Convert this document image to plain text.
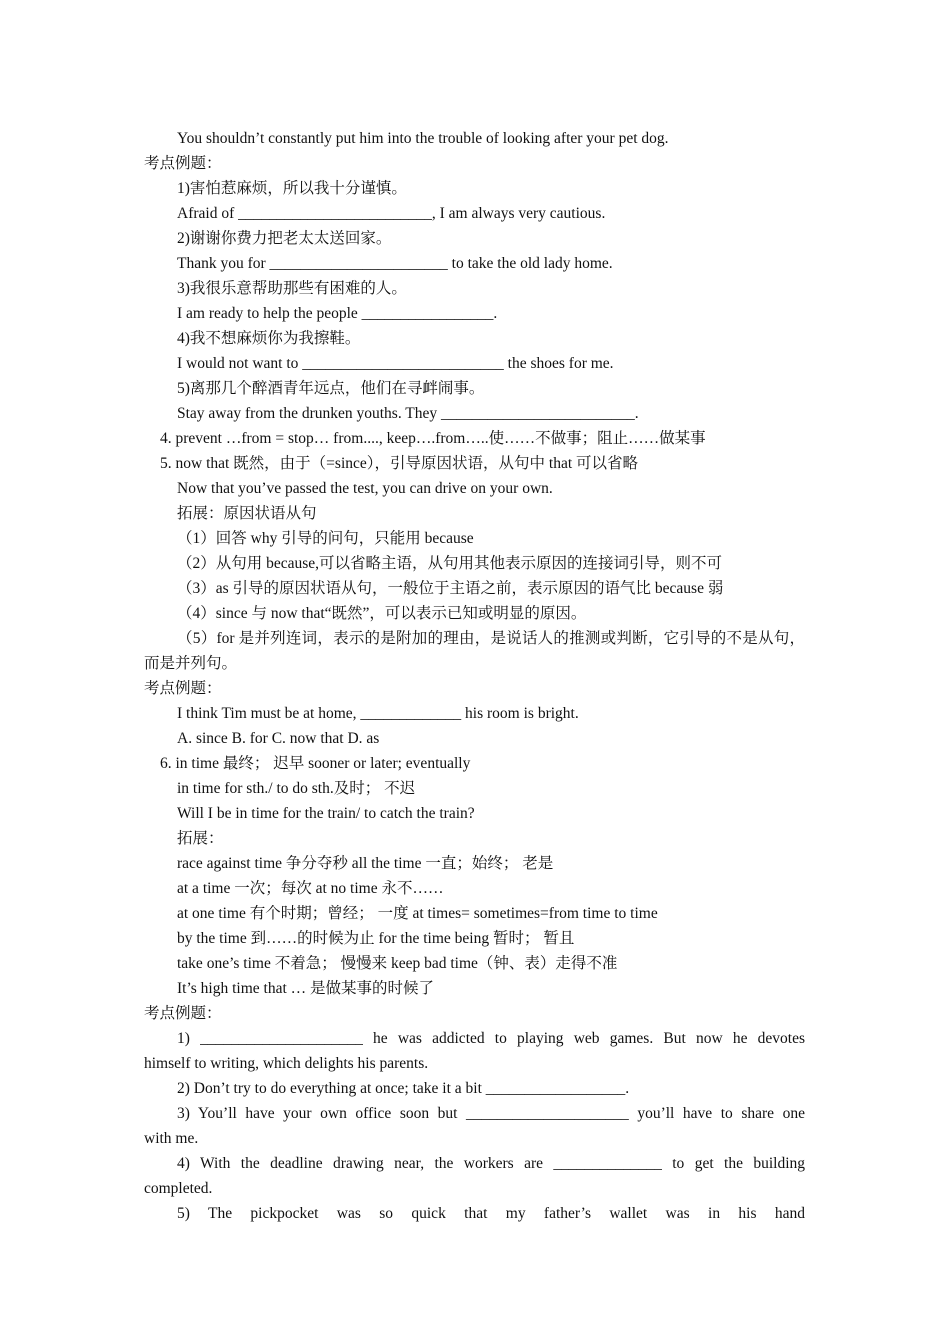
You shouldn’t constantly put him into the trouble of looking after your pet dog.
考点例题：
1)害怕惹麻烦，所以我十分谨慎。
Afraid of _________________________, I am always very cautious.
2)谢谢你费力把老太太送回家。
Thank you for _______________________ to take the old lady home.
3)我很乐意帮助那些有困难的人。
I am ready to help the people _________________.
4)我不想麻烦你为我擦鞋。
I would not want to __________________________ the shoes for me.
5)离那几个醉酒青年远点，他们在寻衅闹事。
Stay away from the drunken youths. They _________________________.
4. prevent …from = stop… from...., keep….from…..使……不做事；阻止……做某事
5. now that 既然，由于（=since），引导原因状语，从句中 that 可以省略
Now that you’ve passed the test, you can drive on your own.
拓展：原因状语从句
（1）回答 why 引导的问句，只能用 because
（2）从句用 because,可以省略主语，从句用其他表示原因的连接词引导，则不可
（3）as 引导的原因状语从句，一般位于主语之前，表示原因的语气比 because 弱
（4）since 与 now that“既然”，可以表示已知或明显的原因。
（5）for 是并列连词，表示的是附加的理由，是说话人的推测或判断，它引导的不是从句，
而是并列句。
考点例题：
I think Tim must be at home, _____________ his room is bright.
A. since B. for C. now that D. as
6. in time 最终； 迟早 sooner or later; eventually
in time for sth./ to do sth.及时； 不迟
Will I be in time for the train/ to catch the train?
拓展：
race against time 争分夺秒 all the time 一直；始终； 老是
at a time 一次；每次 at no time 永不……
at one time 有个时期；曾经； 一度 at times= sometimes=from time to time
by the time 到……的时候为止 for the time being 暂时； 暂且
take one’s time 不着急； 慢慢来 keep bad time（钟、表）走得不准
It’s high time that … 是做某事的时候了
考点例题：
1) _____________________ he was addicted to playing web games. But now he devotes
himself to writing, which delights his parents.
2) Don’t try to do everything at once; take it a bit __________________.
3) You’ll have your own office soon but _____________________ you’ll have to share one
with me.
4) With the deadline drawing near, the workers are ______________ to get the building
completed.
5) The pickpocket was so quick that my father’s wallet was in his hand
